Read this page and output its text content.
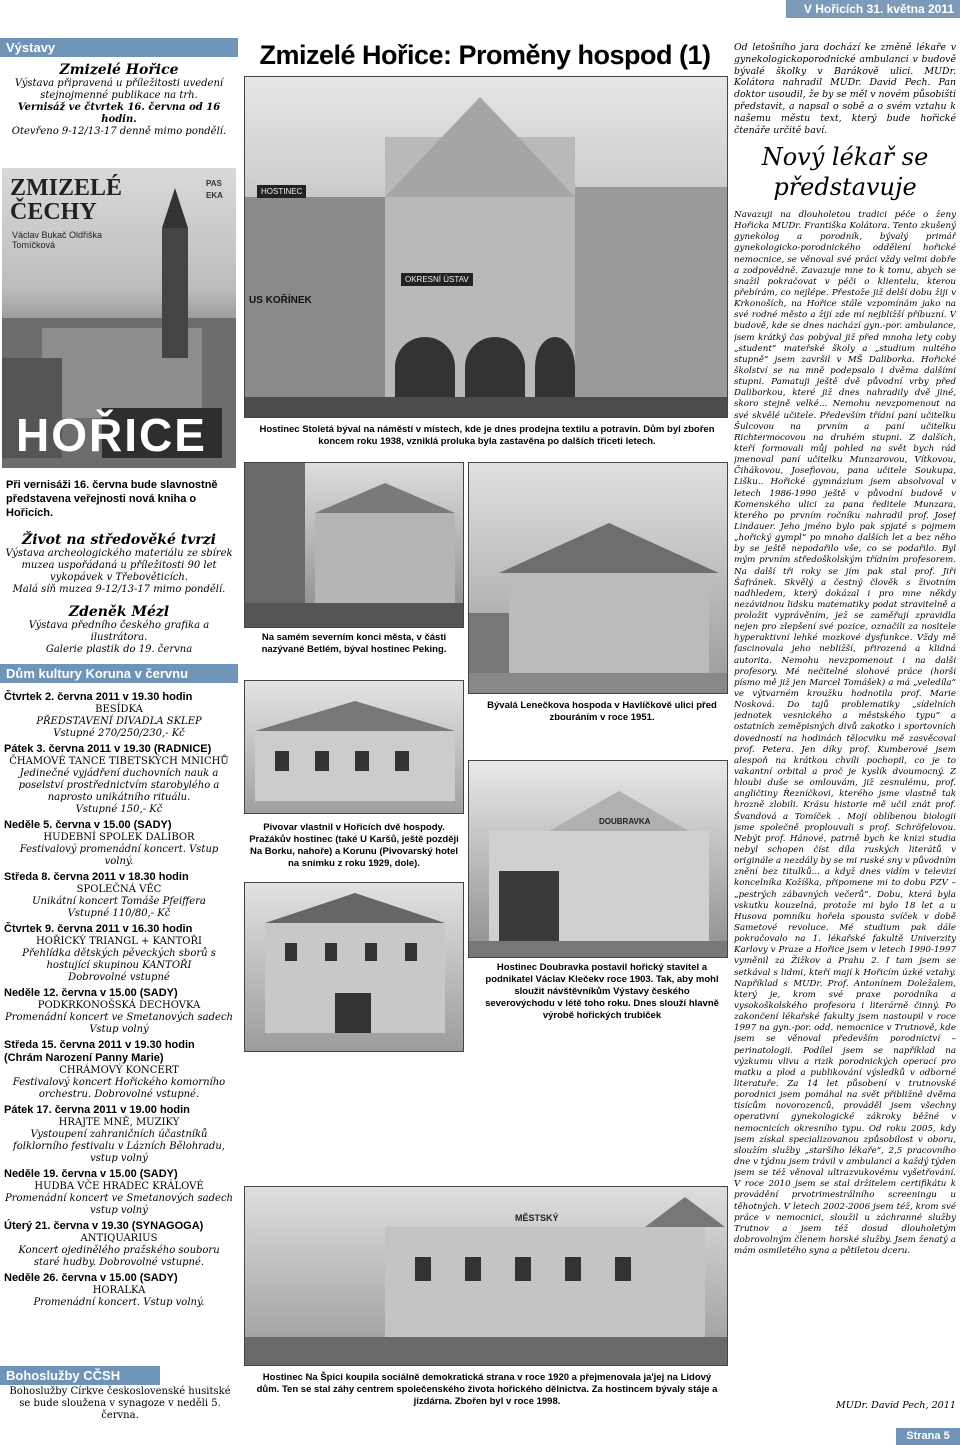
V Hořicích 31. května 2011
Zmizelé Hořice: Proměny hospod (1)
Výstavy
Zmizelé Hořice
Výstava připravená u příležitosti uvedení stejnojmenné publikace na trh.
Vernisáž ve čtvrtek 16. června od 16 hodin.
Otevřeno 9-12/13-17 denně mimo pondělí.
ZMIZELÉ ČECHY
Václav Bukač Oldřiška Tomíčková
PASEKA
HOŘICE
Při vernisáži 16. června bude slavnostně představena veřejnosti nová kniha o Hořicích.
Život na středověké tvrzi
Výstava archeologického materiálu ze sbírek muzea uspořádaná u příležitosti 90 let vykopávek v Třebověticích.
Malá síň muzea 9-12/13-17 mimo pondělí.
Zdeněk Mézl
Výstava předního českého grafika a ilustrátora.
Galerie plastik do 19. června
Dům kultury Koruna v červnu
Čtvrtek 2. června 2011 v 19.30 hodin
BESÍDKA
PŘEDSTAVENÍ DIVADLA SKLEP
Vstupné 270/250/230,- Kč
Pátek 3. června 2011 v 19.30 (RADNICE)
ČHAMOVÉ TANCE TIBETSKÝCH MNICHŮ
Jedinečné vyjádření duchovních nauk a poselství prostřednictvím starobylého a naprosto unikátního rituálu.
Vstupné 150,- Kč
Neděle 5. června v 15.00 (SADY)
HUDEBNÍ SPOLEK DALIBOR
Festivalový promenádní koncert. Vstup volný.
Středa 8. června 2011 v 18.30 hodin
SPOLEČNÁ VĚC
Unikátní koncert Tomáše Pfeiffera
Vstupné 110/80,- Kč
Čtvrtek 9. června 2011 v 16.30 hodin
HOŘICKÝ TRIANGL + KANTOŘI
Přehlídka dětských pěveckých sborů s hostující skupinou KANTOŘI
Dobrovolné vstupné
Neděle 12. června v 15.00 (SADY)
PODKRKONOŠSKÁ DECHOVKA
Promenádní koncert ve Smetanových sadech
Vstup volný
Středa 15. června 2011 v 19.30 hodin (Chrám Narození Panny Marie)
CHRÁMOVÝ KONCERT
Festivalový koncert Hořického komorního orchestru. Dobrovolné vstupné.
Pátek 17. června 2011 v 19.00 hodin
HRAJTE MNĚ, MUZIKY
Vystoupení zahraničních účastníků folklorního festivalu v Lázních Bělohradu, vstup volný
Neděle 19. června v 15.00 (SADY)
HUDBA VČE HRADEC KRÁLOVÉ
Promenádní koncert ve Smetanových sadech
vstup volný
Úterý 21. června v 19.30 (SYNAGOGA)
ANTIQUARIUS
Koncert ojedinělého pražského souboru staré hudby. Dobrovolné vstupné.
Neděle 26. června v 15.00 (SADY)
HORALKA
Promenádní koncert. Vstup volný.
Bohoslužby CČSH
Bohoslužby Církve československé husitské se bude sloužena v synagoze v neděli 5. června.
HOSTINEC
OKRESNÍ ÚSTAV
US KOŘÍNEK
Hostinec Stoletá býval na náměstí v místech, kde je dnes prodejna textilu a potravin. Dům byl zbořen koncem roku 1938, vzniklá proluka byla zastavěna po dalších třiceti letech.
Na samém severním konci města, v části nazývané Betlém, býval hostinec Peking.
Bývalá Lenečkova hospoda v Havlíčkově ulici před zbouráním v roce 1951.
Pivovar vlastnil v Hořicích dvě hospody. Pražákův hostinec (také U Karšů, ještě později Na Borku, nahoře) a Korunu (Pivovarský hotel na snímku z roku 1929, dole).
DOUBRAVKA
Hostinec Doubravka postavil hořický stavitel a podnikatel Václav Klečekv roce 1903. Tak, aby mohl sloužit návštěvníkům Výstavy českého severovýchodu v létě toho roku. Dnes slouží hlavně výrobě hořických trubiček
MĚSTSKÝ
Hostinec Na Špici koupila sociálně demokratická strana v roce 1920 a přejmenovala ja'jej na Lidový dům. Ten se stal záhy centrem společenského života hořického dělnictva. Za hostincem bývaly stáje a jízdárna. Zbořen byl v roce 1998.
Od letošního jara dochází ke změně lékaře v gynekologickoporodnické ambulanci v budově bývalé školky v Barákově ulici. MUDr. Kolátora nahradil MUDr. David Pech. Pan doktor usoudil, že by se měl v novém působišti představit, a napsal o sobě a o svém vztahu k našemu městu text, který bude hořické čtenáře určitě baví.
Nový lékař se představuje
Navazuji na dlouholetou tradici péče o ženy Hořicka MUDr. Františka Kolátora. Tento zkušený gynekolog a porodník, bývalý primář gynekologicko-porodnického oddělení hořické nemocnice, se věnoval své práci vždy velmi dobře a zodpovědně. Zavazuje mne to k tomu, abych se snažil pokračovat v péči o klientelu, kterou přebírám, co nejlépe. Přestože již delší dobu žiji v Krkonoších, na Hořice stále vzpomínám jako na své rodné město a žijí zde mí nejbližší příbuzní. V budově, kde se dnes nachází gyn.-por. ambulance, jsem krátký čas pobýval již před mnoha lety coby „student“ mateřské školy a „studium nultého stupně“ jsem završil v MŠ Daliborka. Hořické školství se na mně podepsalo i dvěma dalšími stupni. Pamatuji ještě dvě původní vrby před Daliborkou, které již dnes nahradily dvě jiné, skoro stejně velké... Nemohu nevzpomenout na své skvělé učitele. Především třídní paní učitelku Šulcovou na prvním a paní učitelku Richtermocovou na druhém stupni. Z dalších, kteří formovali můj pohled na svět bych rád jmenoval paní učitelku Munzarovou, Vítkovou, Čihákovou, Josefiovou, pana učitele Soukupa, Lišku.. Hořické gymnázium jsem absolvoval v letech 1986-1990 ještě v původní budově v Komenského ulici za pana ředitele Munzara, kterého po prvním ročníku nahradil prof. Josef Lindauer. Jeho jméno bylo pak spjaté s pojmem „hořický gympl“ po mnoho dalších let a bez něho by se ještě nepodařilo vše, co se podařilo. Byl mým prvním středoškolským třídním profesorem. Na další tři roky se jím pak stal prof. Jiří Šafránek. Skvělý a čestný člověk s životním nadhledem, který dokázal i pro mne někdy nezávidnou lidsku matematiky podat stravitelně a proložit vyprávěním, jež se zaměřují zpravidla nejen pro zlepšení své pozice, označili za nositele hyperaktivní lehké mozkové dysfunkce. Vždy mě fascinovala jeho nebližší, přirozená a klidná autorita. Nemohu nevzpomenout i na další profesory. Mé nečitelné slohové práce (horší písmo mě již jen Marcel Tomášek) a má „veledíla“ ve výtvarném kroužku hodnotila prof. Marie Nosková. Do tajů problematiky „sídelních jednotek vesnického a městského typu“ a ostatních zeměpisných divů zakotko i sportovních dovedností na hodinách tělocviku mě zasvěcoval prof. Petera. Jen díky prof. Kumberové jsem alespoň na krátkou chvíli pochopil, co je to vakantní orbital a proč je kyslík dvoumocný. Z hloubi duše se omlouvám, již zesnulému, prof. angličtiny Řezníčkovi, kterého jsme vlastně tak hrozně zlobili. Krásu historie mě učil znát prof. Švandová a Tomíček . Mojí oblíbenou biologii jsme společně proplouvali s prof. Schröfelovou. Nebýt prof. Hánové, patrně bych ke knizi studia nebyl schopen číst díla ruských literátů v originále a nezdály by se mi ruské sny v původním znění bez titulků... a když dnes vidím v televizi koncelníka Kožíška, připomene mi to dobu PZV – „pestrých zábavných večerů“. Dobu, která byla vskutku kouzelná, protože mi bylo 18 let a u Husova pomníku hořela spousta svíček v době Sametové revoluce. Mé studium pak dále pokračovalo na 1. lékařské fakultě Univerzity Karlovy v Praze a Hořice jsem v letech 1990-1997 vyměnil za Žižkov a Prahu 2. I tam jsem se setkával s lidmi, kteří mají k Hořicím úzké vztahy. Například s MUDr. Prof. Antonínem Doležalem, který je, krom své praxe porodníka a vysokoškolského profesora i literárně činný. Po zakončení lékařské fakulty jsem nastoupil v roce 1997 na gyn.-por. odd. nemocnice v Trutnově, kde jsem se věnoval především porodnictví – perinatologii. Podílel jsem se například na výzkumu vlivu a rizik porodnických operací pro matku a plod a publikování výsledků v odborné literatuře. Za 14 let působení v trutnovské porodnici jsem pomáhal na svět přibližně dvěma tisícům novorozenců, prováděl jsem všechny operativní gynekologické zákroky běžné v nemocnicích okresního typu. Od roku 2005, kdy jsem získal specializovanou způsobilost v oboru, sloužím služby „staršího lékaře“, 2,5 pracovního dne v týdnu jsem trávil v ambulanci a každý týden jsem se též věnoval ultrazvukovému vyšetřování. V roce 2010 jsem se stal držitelem certifikátu k provádění prvotrimestrálního screeningu u těhotných. V letech 2002-2006 jsem též, krom své práce v nemocnici, sloužil u záchranné služby Trutnov a jsem též dosud dlouholetým dobrovolným členem horské služby. Jsem ženatý a mám osmiletého syna a pětiletou dceru.
MUDr. David Pech, 2011
Strana 5
